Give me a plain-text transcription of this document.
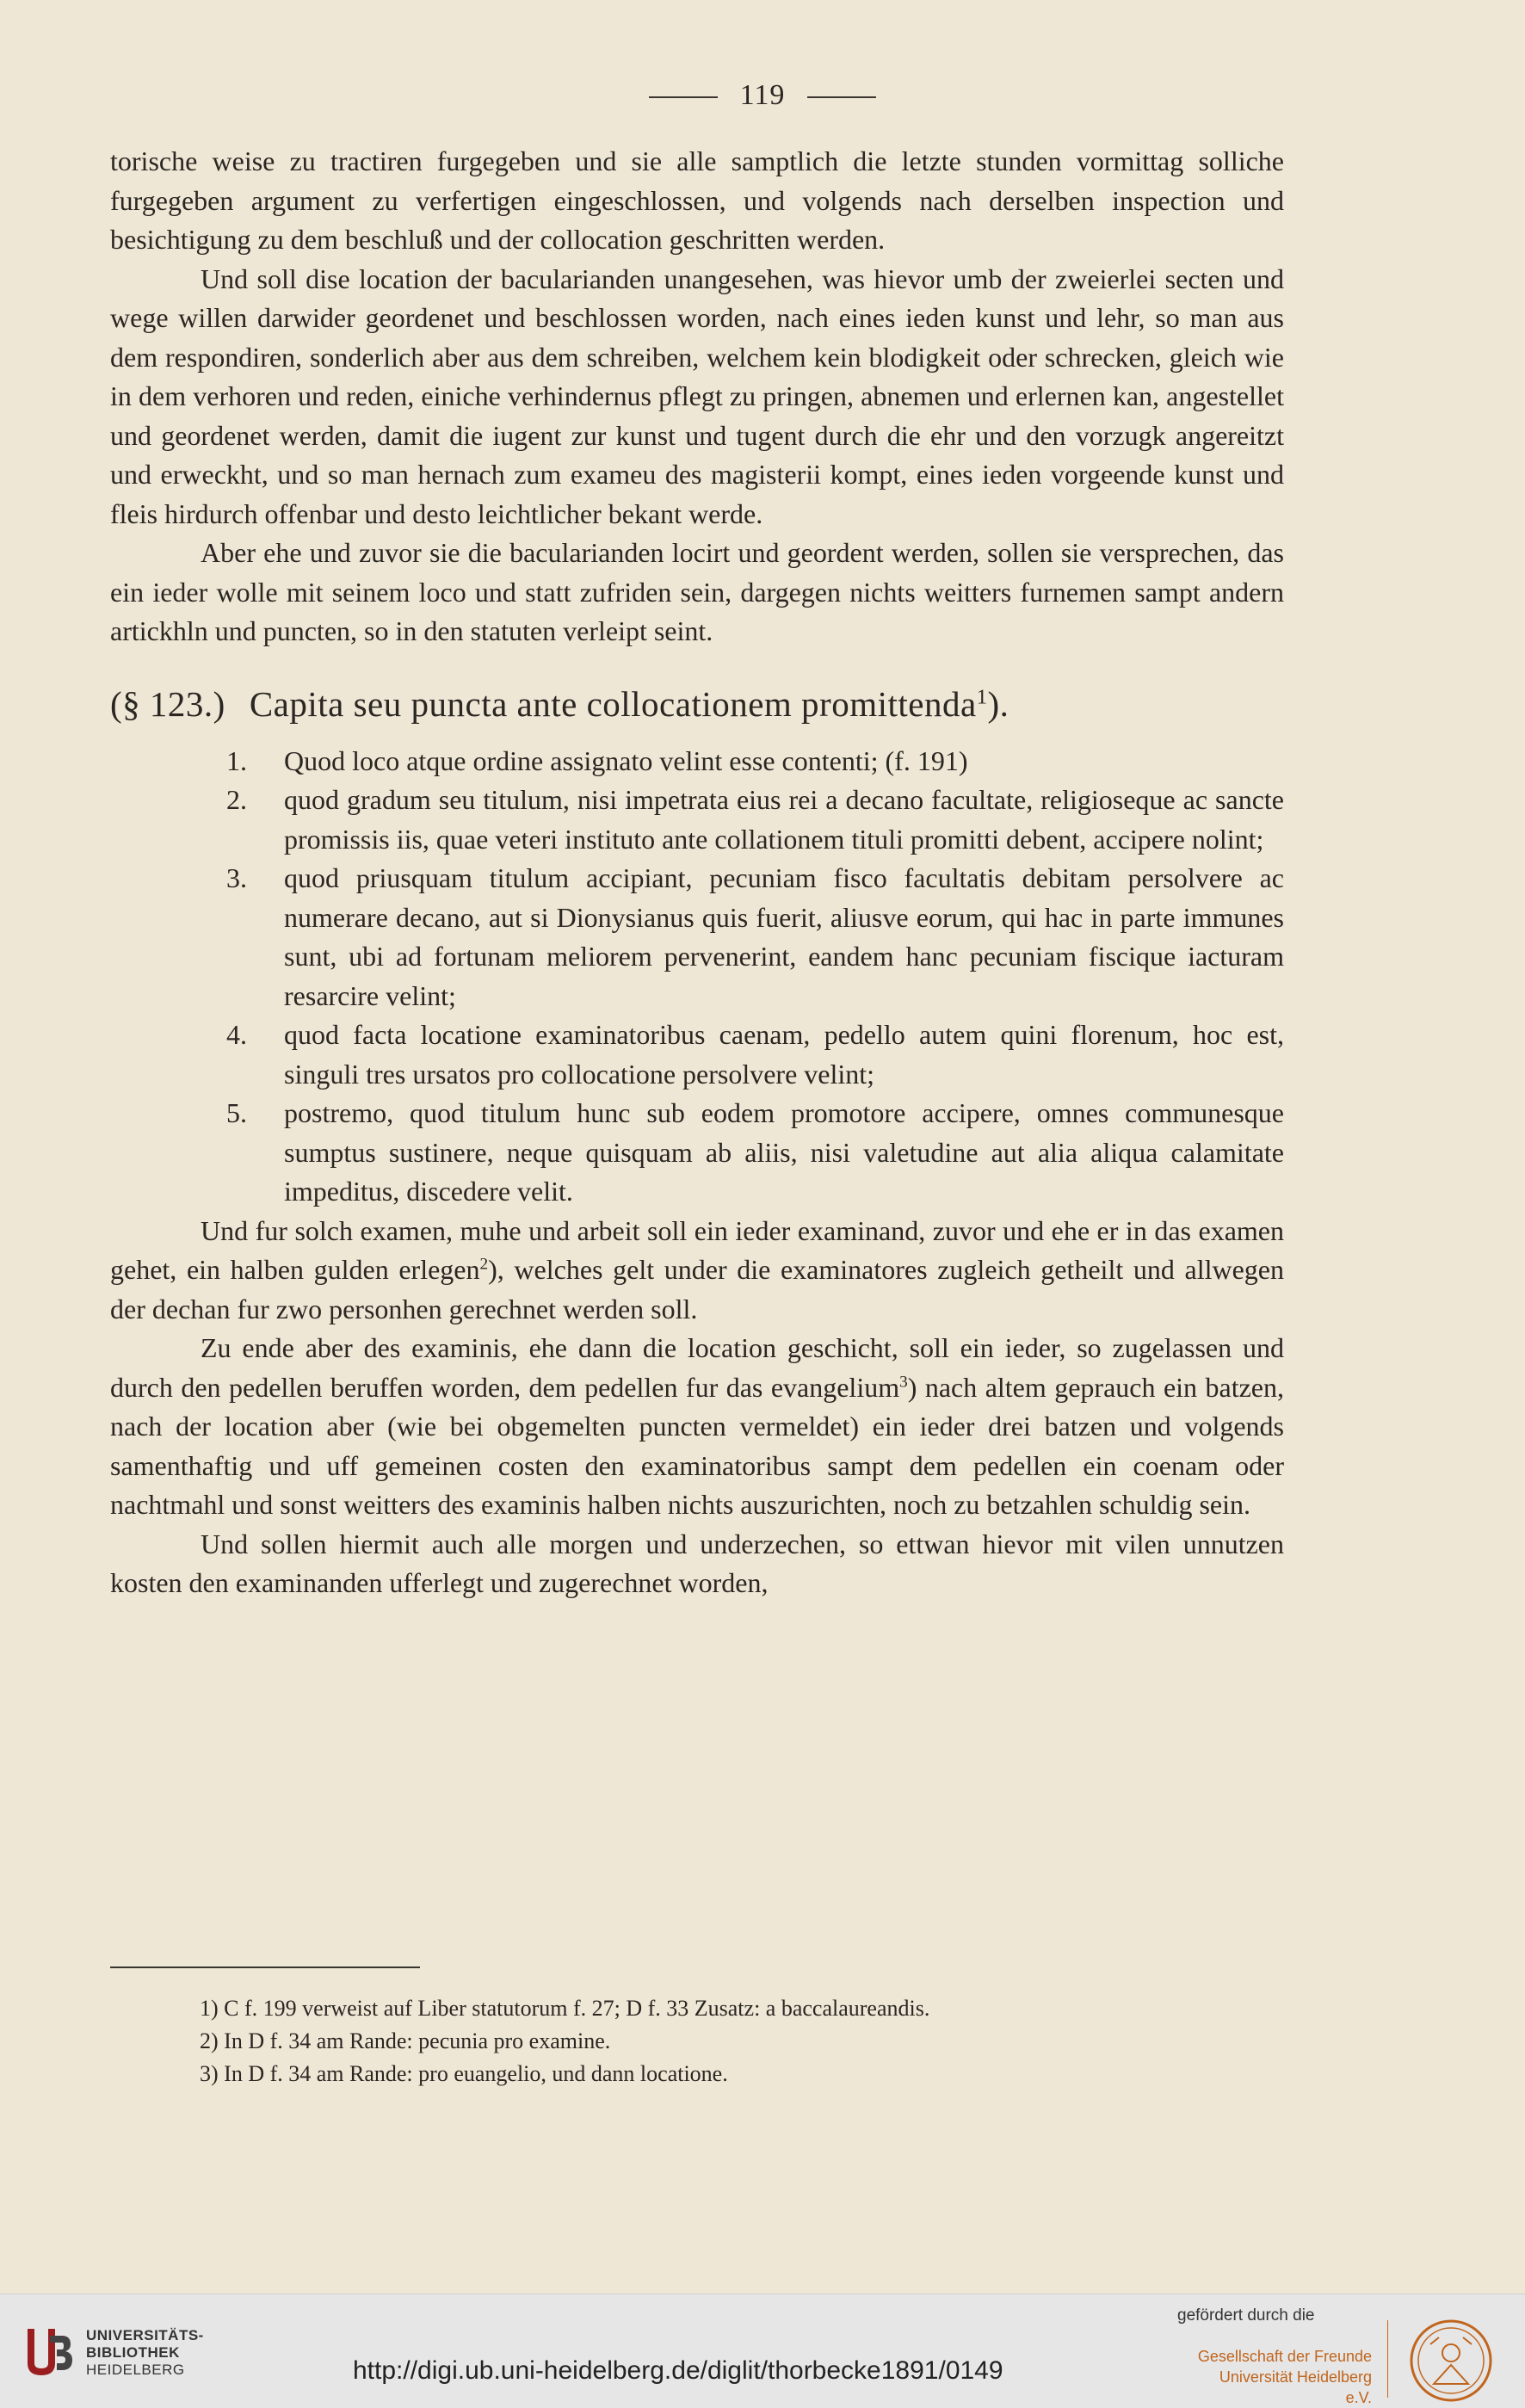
119

torische weise zu tractiren furgegeben und sie alle samptlich die letzte stunden vormittag solliche furgegeben argument zu verfertigen eingeschlossen, und volgends nach derselben inspection und besichtigung zu dem beschluß und der collocation geschritten werden.

Und soll dise location der bacularianden unangesehen, was hievor umb der zweierlei secten und wege willen darwider geordenet und beschlossen worden, nach eines ieden kunst und lehr, so man aus dem respondiren, sonderlich aber aus dem schreiben, welchem kein blodigkeit oder schrecken, gleich wie in dem verhoren und reden, einiche verhindernus pflegt zu pringen, abnemen und erlernen kan, angestellet und geordenet werden, damit die iugent zur kunst und tugent durch die ehr und den vorzugk angereitzt und erweckht, und so man hernach zum exameu des magisterii kompt, eines ieden vorgeende kunst und fleis hirdurch offenbar und desto leichtlicher bekant werde.

Aber ehe und zuvor sie die bacularianden locirt und geordent werden, sollen sie versprechen, das ein ieder wolle mit seinem loco und statt zufriden sein, dargegen nichts weitters furnemen sampt andern artickhln und puncten, so in den statuten verleipt seint.

(§ 123.) Capita seu puncta ante collocationem promittenda$^1$).
1. Quod loco atque ordine assignato velint esse contenti; (f. 191)
2. quod gradum seu titulum, nisi impetrata eius rei a decano facultate, religioseque ac sancte promissis iis, quae veteri instituto ante collationem tituli promitti debent, accipere nolint;
3. quod priusquam titulum accipiant, pecuniam fisco facultatis debitam persolvere ac numerare decano, aut si Dionysianus quis fuerit, aliusve eorum, qui hac in parte immunes sunt, ubi ad fortunam meliorem pervenerint, eandem hanc pecuniam fiscique iacturam resarcire velint;
4. quod facta locatione examinatoribus caenam, pedello autem quini florenum, hoc est, singuli tres ursatos pro collocatione persolvere velint;
5. postremo, quod titulum hunc sub eodem promotore accipere, omnes communesque sumptus sustinere, neque quisquam ab aliis, nisi valetudine aut alia aliqua calamitate impeditus, discedere velit.

Und fur solch examen, muhe und arbeit soll ein ieder examinand, zuvor und ehe er in das examen gehet, ein halben gulden erlegen$^2$), welches gelt under die examinatores zugleich getheilt und allwegen der dechan fur zwo personhen gerechnet werden soll.

Zu ende aber des examinis, ehe dann die location geschicht, soll ein ieder, so zugelassen und durch den pedellen beruffen worden, dem pedellen fur das evangelium$^3$) nach altem geprauch ein batzen, nach der location aber (wie bei obgemelten puncten vermeldet) ein ieder drei batzen und volgends samenthaftig und uff gemeinen costen den examinatoribus sampt dem pedellen ein coenam oder nachtmahl und sonst weitters des examinis halben nichts auszurichten, noch zu betzahlen schuldig sein.

Und sollen hiermit auch alle morgen und underzechen, so ettwan hievor mit vilen unnutzen kosten den examinanden ufferlegt und zugerechnet worden,

1) C f. 199 verweist auf Liber statutorum f. 27; D f. 33 Zusatz: a baccalaureandis.
2) In D f. 34 am Rande: pecunia pro examine.
3) In D f. 34 am Rande: pro euangelio, und dann locatione.
UNIVERSITÄTS-
BIBLIOTHEK
HEIDELBERG	http://digi.ub.uni-heidelberg.de/diglit/thorbecke1891/0149
gefördert durch die
Gesellschaft der Freunde
Universität Heidelberg e.V.
